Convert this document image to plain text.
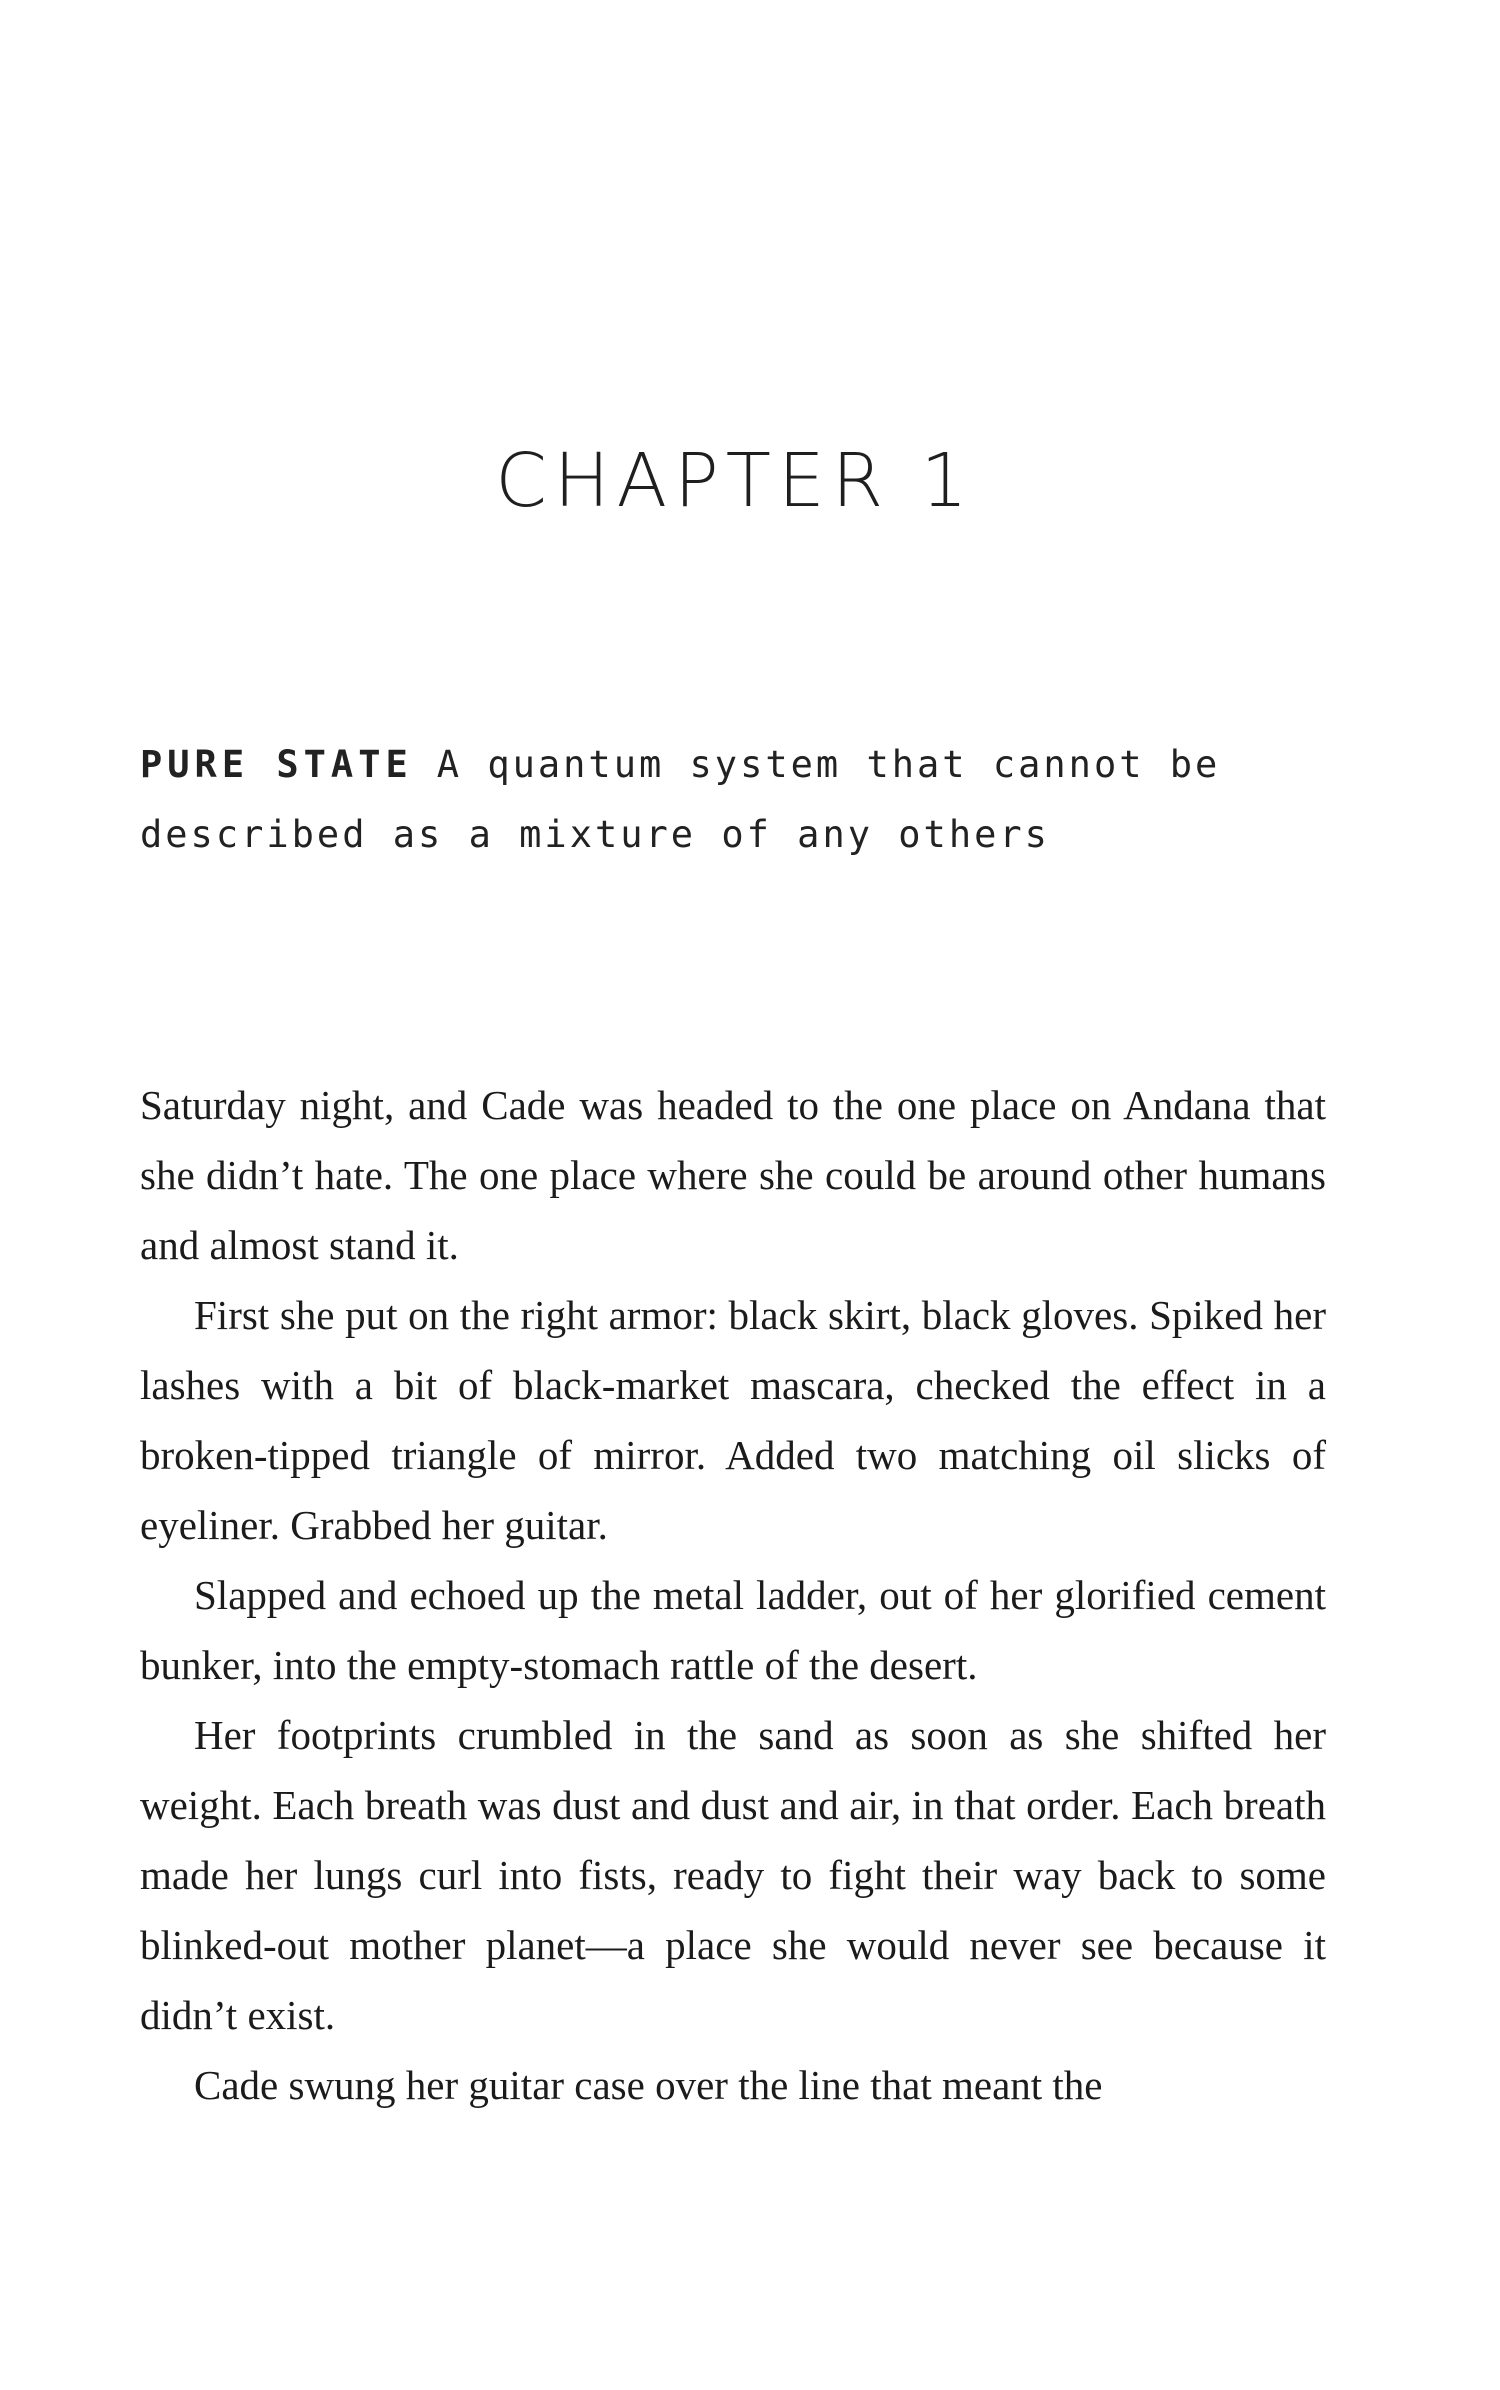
CHAPTER 1
PURE STATE A quantum system that cannot be described as a mixture of any others

Saturday night, and Cade was headed to the one place on Andana that she didn’t hate. The one place where she could be around other humans and almost stand it.

First she put on the right armor: black skirt, black gloves. Spiked her lashes with a bit of black-market mascara, checked the effect in a broken-tipped triangle of mirror. Added two matching oil slicks of eyeliner. Grabbed her guitar.

Slapped and echoed up the metal ladder, out of her glorified cement bunker, into the empty-stomach rattle of the desert.

Her footprints crumbled in the sand as soon as she shifted her weight. Each breath was dust and dust and air, in that order. Each breath made her lungs curl into fists, ready to fight their way back to some blinked-out mother planet—a place she would never see because it didn’t exist.

Cade swung her guitar case over the line that meant the
